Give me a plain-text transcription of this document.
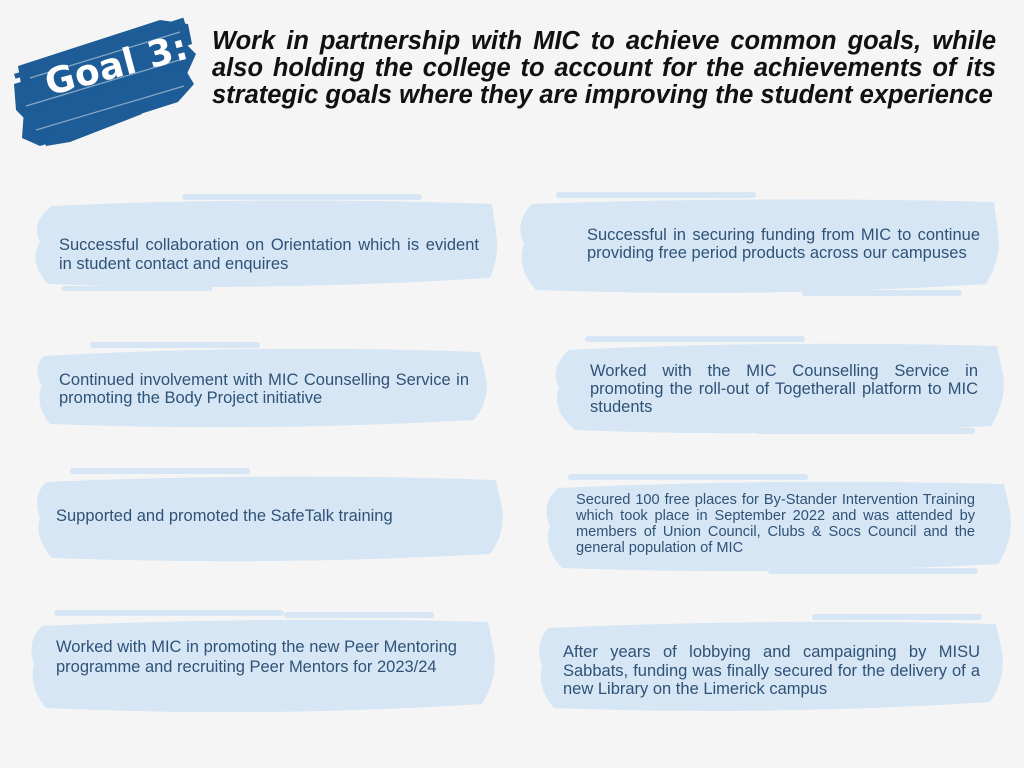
Goal 3: Work in partnership with MIC to achieve common goals, while also holding the college to account for the achievements of its strategic goals where they are improving the student experience

Successful collaboration on Orientation which is evident in student contact and enquires
Successful in securing funding from MIC to continue providing free period products across our campuses
Continued involvement with MIC Counselling Service in promoting the Body Project initiative
Worked with the MIC Counselling Service in promoting the roll-out of Togetherall platform to MIC students
Supported and promoted the SafeTalk training
Secured 100 free places for By-Stander Intervention Training which took place in September 2022 and was attended by members of Union Council, Clubs & Socs Council and the general population of MIC
Worked with MIC in promoting the new Peer Mentoring programme and recruiting Peer Mentors for 2023/24
After years of lobbying and campaigning by MISU Sabbats, funding was finally secured for the delivery of a new Library on the Limerick campus
